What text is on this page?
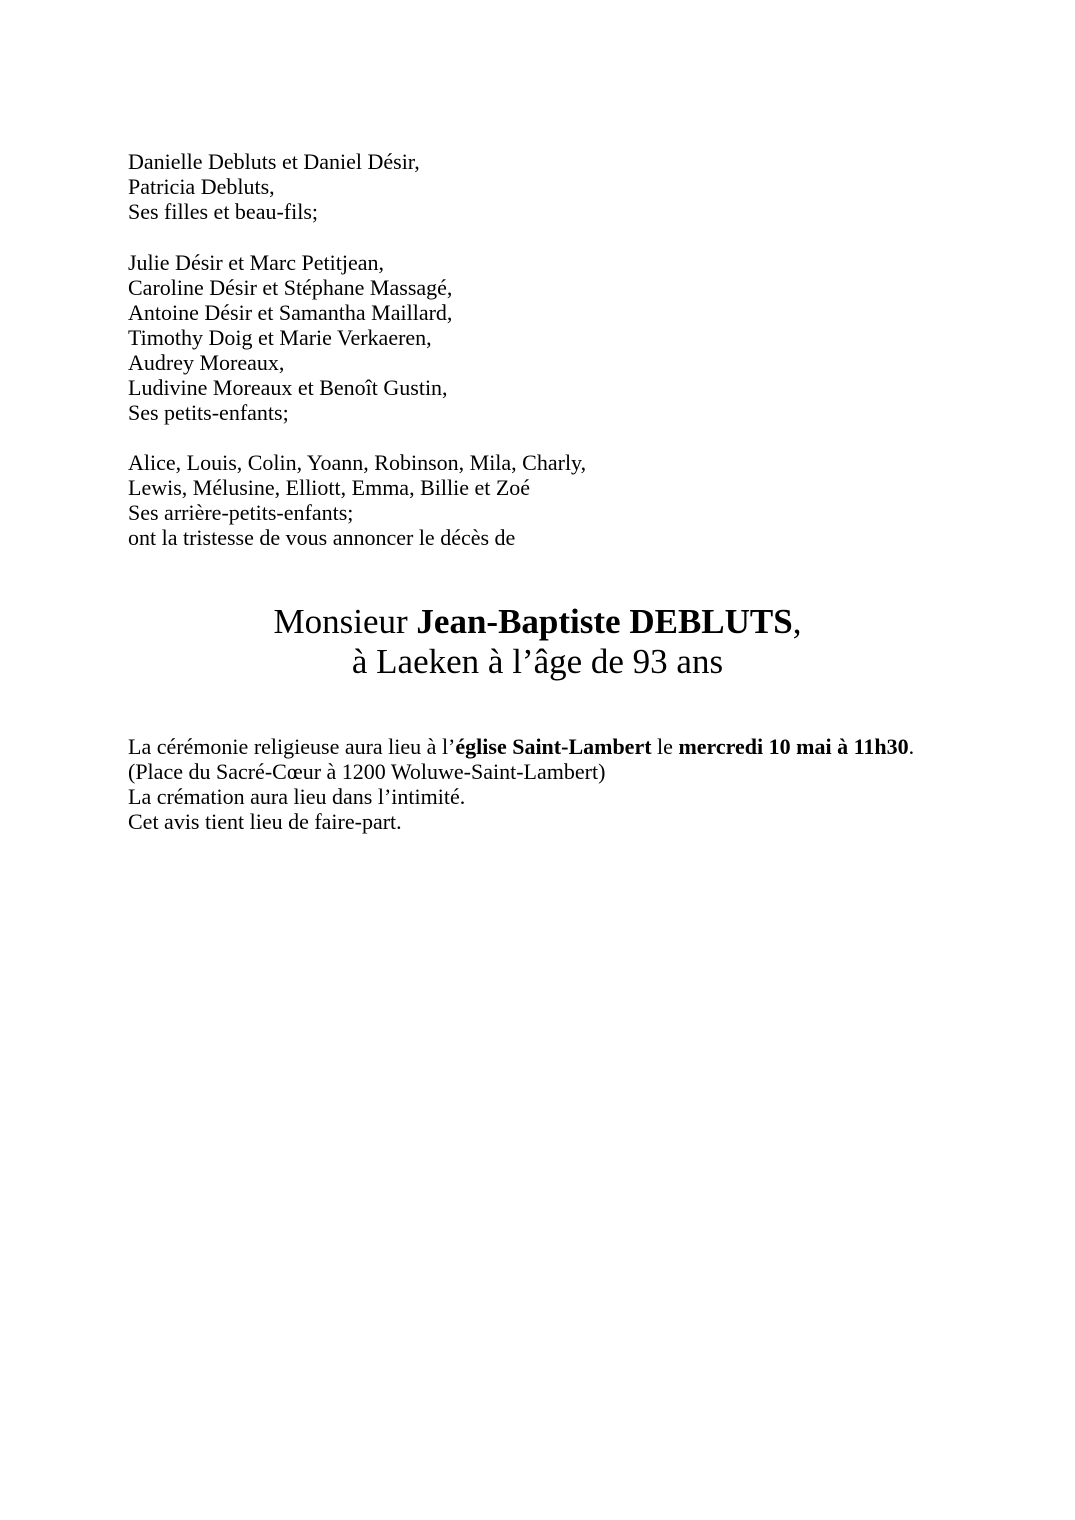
Danielle Debluts et Daniel Désir,

Patricia Debluts,

Ses filles et beau-fils;

Julie Désir et Marc Petitjean,

Caroline Désir et Stéphane Massagé,

Antoine Désir et Samantha Maillard,

Timothy Doig et Marie Verkaeren,

Audrey Moreaux,

Ludivine Moreaux et Benoît Gustin,

Ses petits-enfants;

Alice, Louis, Colin, Yoann, Robinson, Mila, Charly,

Lewis, Mélusine, Elliott, Emma, Billie et Zoé

Ses arrière-petits-enfants;

ont la tristesse de vous annoncer le décès de

Monsieur Jean-Baptiste DEBLUTS,

à Laeken à l’âge de 93 ans

La cérémonie religieuse aura lieu à l’église Saint-Lambert le mercredi 10 mai à 11h30.

(Place du Sacré-Cœur à 1200 Woluwe-Saint-Lambert)

La crémation aura lieu dans l’intimité.

Cet avis tient lieu de faire-part.
